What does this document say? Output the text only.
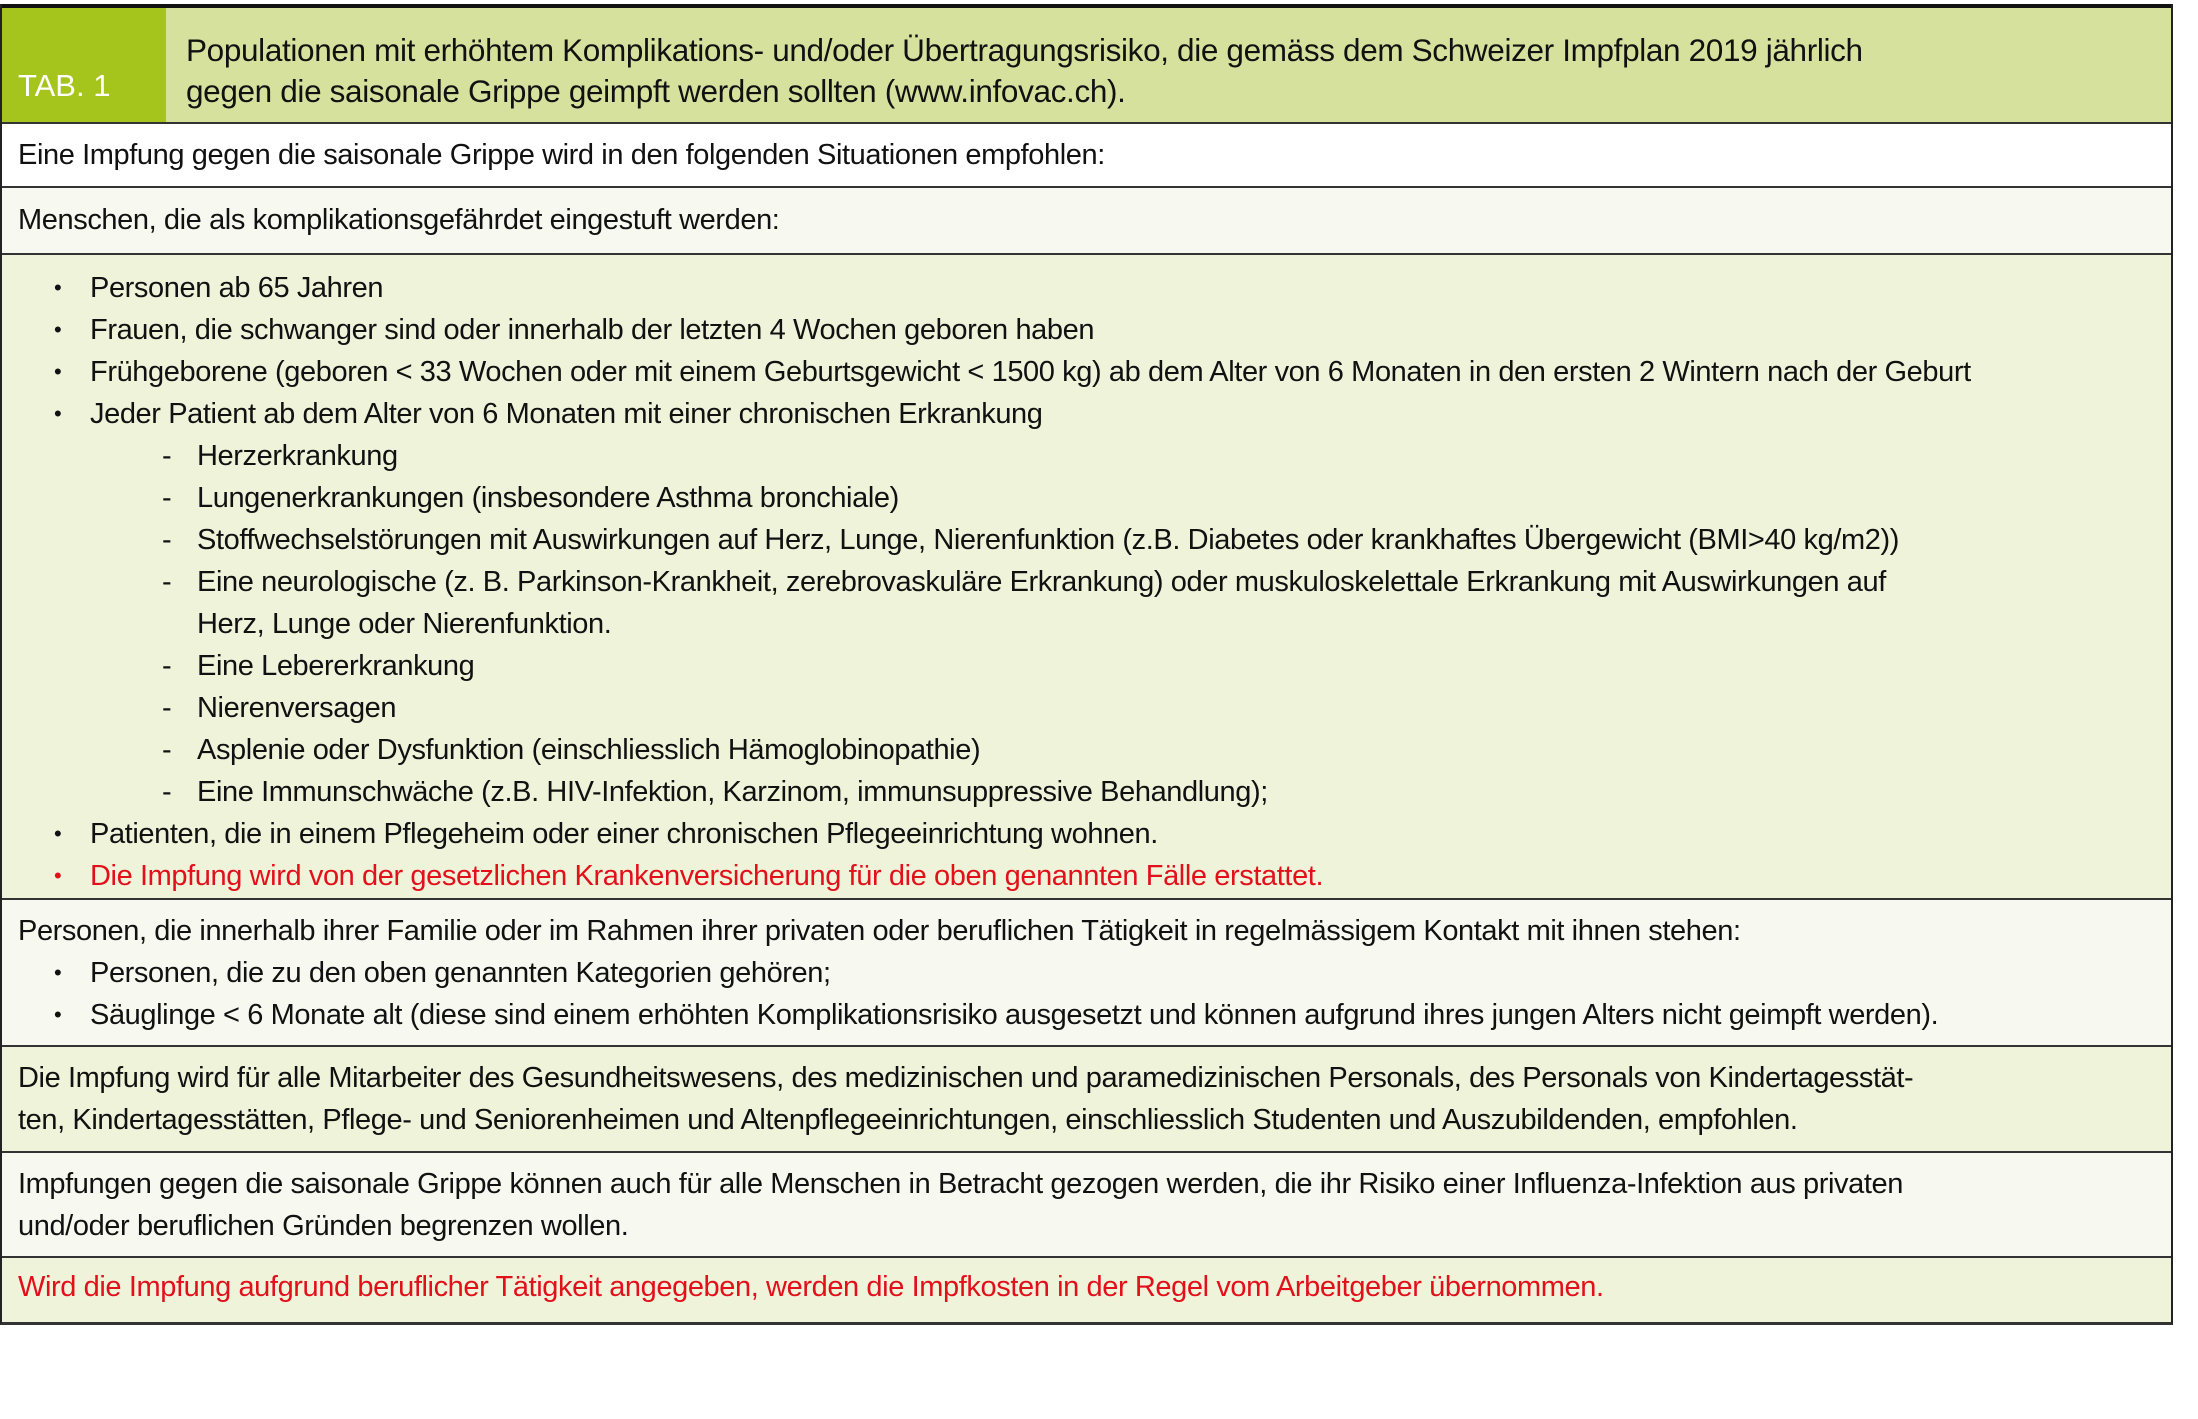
TAB. 1
Populationen mit erhöhtem Komplikations- und/oder Übertragungsrisiko, die gemäss dem Schweizer Impfplan 2019 jährlich
gegen die saisonale Grippe geimpft werden sollten (www.infovac.ch).
Eine Impfung gegen die saisonale Grippe wird in den folgenden Situationen empfohlen:
Menschen, die als komplikationsgefährdet eingestuft werden:
• Personen ab 65 Jahren
• Frauen, die schwanger sind oder innerhalb der letzten 4 Wochen geboren haben
• Frühgeborene (geboren < 33 Wochen oder mit einem Geburtsgewicht < 1500 kg) ab dem Alter von 6 Monaten in den ersten 2 Wintern nach der Geburt
• Jeder Patient ab dem Alter von 6 Monaten mit einer chronischen Erkrankung
- Herzerkrankung
- Lungenerkrankungen (insbesondere Asthma bronchiale)
- Stoffwechselstörungen mit Auswirkungen auf Herz, Lunge, Nierenfunktion (z.B. Diabetes oder krankhaftes Übergewicht (BMI>40 kg/m2))
- Eine neurologische (z. B. Parkinson-Krankheit, zerebrovaskuläre Erkrankung) oder muskuloskelettale Erkrankung mit Auswirkungen auf
Herz, Lunge oder Nierenfunktion.
- Eine Lebererkrankung
- Nierenversagen
- Asplenie oder Dysfunktion (einschliesslich Hämoglobinopathie)
- Eine Immunschwäche (z.B. HIV-Infektion, Karzinom, immunsuppressive Behandlung);
• Patienten, die in einem Pflegeheim oder einer chronischen Pflegeeinrichtung wohnen.
• Die Impfung wird von der gesetzlichen Krankenversicherung für die oben genannten Fälle erstattet.
Personen, die innerhalb ihrer Familie oder im Rahmen ihrer privaten oder beruflichen Tätigkeit in regelmässigem Kontakt mit ihnen stehen:
• Personen, die zu den oben genannten Kategorien gehören;
• Säuglinge < 6 Monate alt (diese sind einem erhöhten Komplikationsrisiko ausgesetzt und können aufgrund ihres jungen Alters nicht geimpft werden).
Die Impfung wird für alle Mitarbeiter des Gesundheitswesens, des medizinischen und paramedizinischen Personals, des Personals von Kindertagesstät-
ten, Kindertagesstätten, Pflege- und Seniorenheimen und Altenpflegeeinrichtungen, einschliesslich Studenten und Auszubildenden, empfohlen.
Impfungen gegen die saisonale Grippe können auch für alle Menschen in Betracht gezogen werden, die ihr Risiko einer Influenza-Infektion aus privaten
und/oder beruflichen Gründen begrenzen wollen.
Wird die Impfung aufgrund beruflicher Tätigkeit angegeben, werden die Impfkosten in der Regel vom Arbeitgeber übernommen.
